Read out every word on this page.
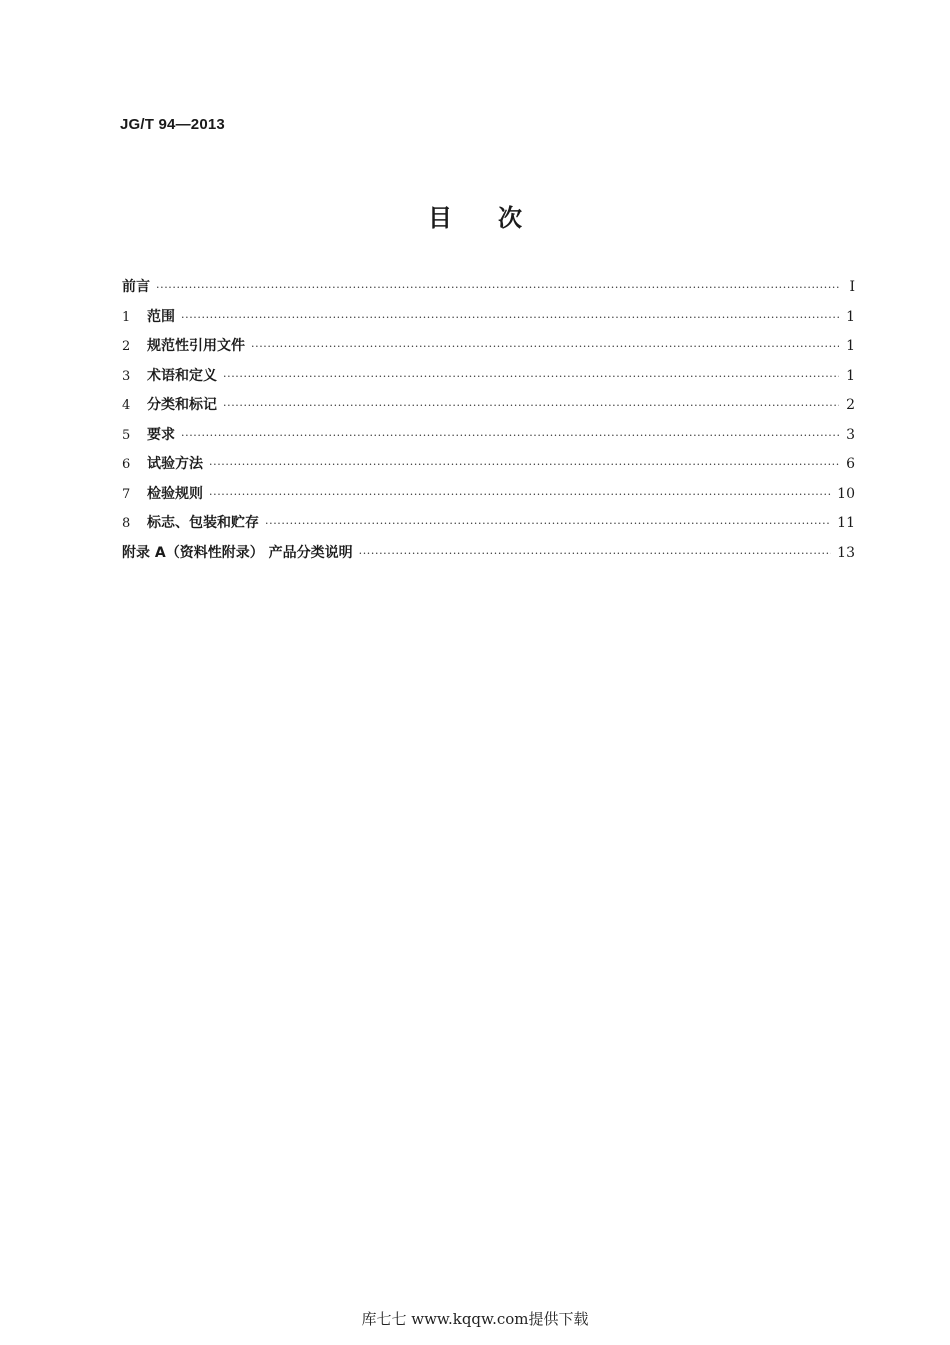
JG/T 94—2013
目 次
前言 ·····	I
1	范围 ·····	1
2	规范性引用文件 ·····	1
3	术语和定义 ·····	1
4	分类和标记 ·····	2
5	要求 ·····	3
6	试验方法 ·····	6
7	检验规则 ·····	10
8	标志、包装和贮存 ·····	11
附录 A（资料性附录） 产品分类说明 ·····	13
库七七 www.kqqw.com提供下载
